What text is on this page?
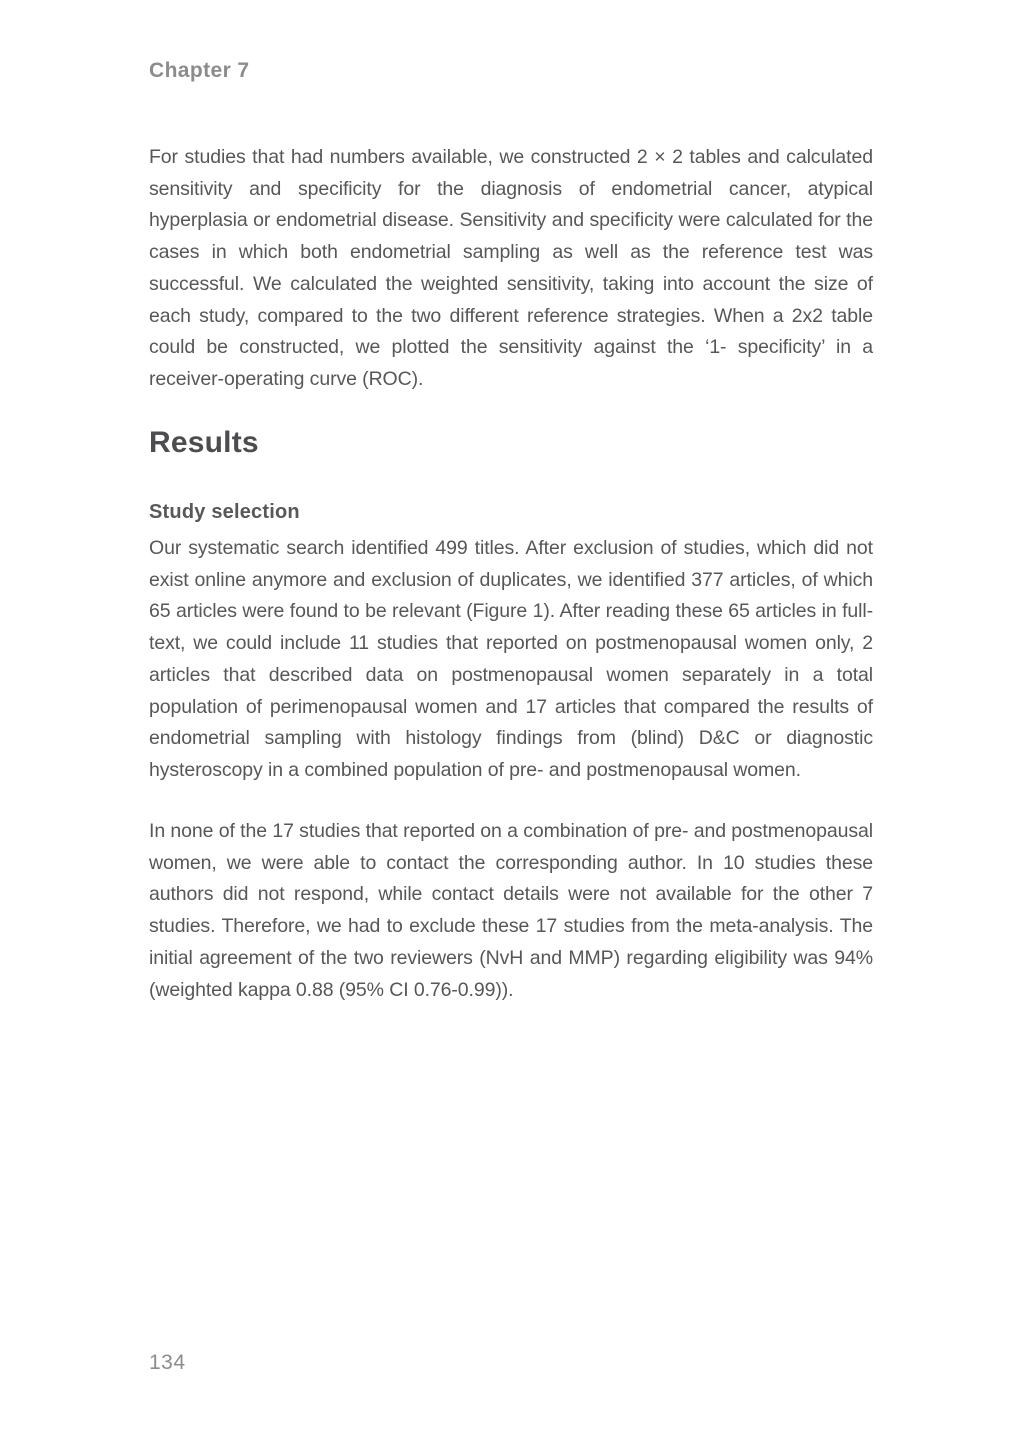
Chapter 7

For studies that had numbers available, we constructed 2 × 2 tables and calculated sensitivity and specificity for the diagnosis of endometrial cancer, atypical hyperplasia or endometrial disease. Sensitivity and specificity were calculated for the cases in which both endometrial sampling as well as the reference test was successful. We calculated the weighted sensitivity, taking into account the size of each study, compared to the two different reference strategies. When a 2x2 table could be constructed, we plotted the sensitivity against the ‘1- specificity’ in a receiver-operating curve (ROC).

Results
Study selection

Our systematic search identified 499 titles. After exclusion of studies, which did not exist online anymore and exclusion of duplicates, we identified 377 articles, of which 65 articles were found to be relevant (Figure 1). After reading these 65 articles in full-text, we could include 11 studies that reported on postmenopausal women only, 2 articles that described data on postmenopausal women separately in a total population of perimenopausal women and 17 articles that compared the results of endometrial sampling with histology findings from (blind) D&C or diagnostic hysteroscopy in a combined population of pre- and postmenopausal women.

In none of the 17 studies that reported on a combination of pre- and postmenopausal women, we were able to contact the corresponding author. In 10 studies these authors did not respond, while contact details were not available for the other 7 studies. Therefore, we had to exclude these 17 studies from the meta-analysis. The initial agreement of the two reviewers (NvH and MMP) regarding eligibility was 94% (weighted kappa 0.88 (95% CI 0.76-0.99)).

134
